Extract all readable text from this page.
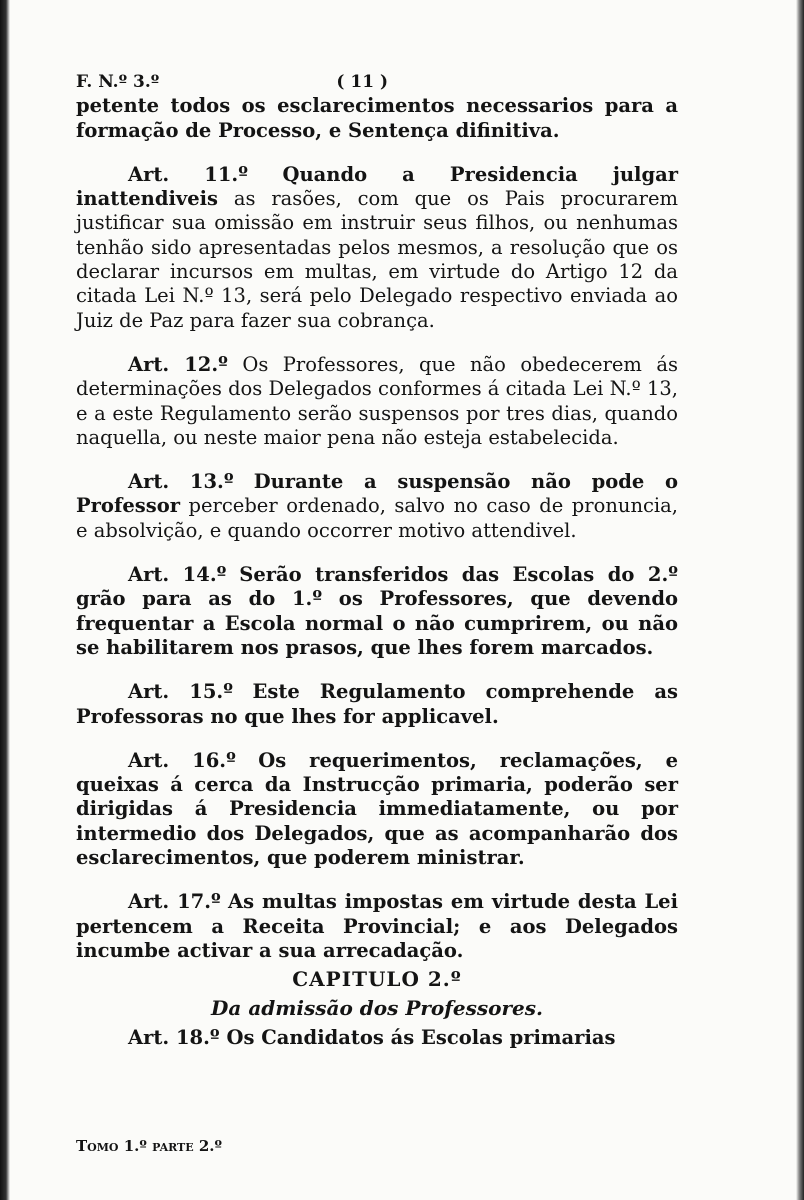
F. N.º 3.º	( 11 )

petente todos os esclarecimentos necessarios para a formação de Processo, e Sentença difinitiva.

Art. 11.º Quando a Presidencia julgar inattendiveis as rasões, com que os Pais procurarem justificar sua omissão em instruir seus filhos, ou nenhumas tenhão sido apresentadas pelos mesmos, a resolução que os declarar incursos em multas, em virtude do Artigo 12 da citada Lei N.º 13, será pelo Delegado respectivo enviada ao Juiz de Paz para fazer sua cobrança.

Art. 12.º Os Professores, que não obedecerem ás determinações dos Delegados conformes á citada Lei N.º 13, e a este Regulamento serão suspensos por tres dias, quando naquella, ou neste maior pena não esteja estabelecida.

Art. 13.º Durante a suspensão não pode o Professor perceber ordenado, salvo no caso de pronuncia, e absolvição, e quando occorrer motivo attendivel.

Art. 14.º Serão transferidos das Escolas do 2.º grão para as do 1.º os Professores, que devendo frequentar a Escola normal o não cumprirem, ou não se habilitarem nos prasos, que lhes forem marcados.

Art. 15.º Este Regulamento comprehende as Professoras no que lhes for applicavel.

Art. 16.º Os requerimentos, reclamações, e queixas á cerca da Instrucção primaria, poderão ser dirigidas á Presidencia immediatamente, ou por intermedio dos Delegados, que as acompanharão dos esclarecimentos, que poderem ministrar.

Art. 17.º As multas impostas em virtude desta Lei pertencem a Receita Provincial; e aos Delegados incumbe activar a sua arrecadação.

CAPITULO 2.º
Da admissão dos Professores.

Art. 18.º Os Candidatos ás Escolas primarias

Tomo 1.º parte 2.º
